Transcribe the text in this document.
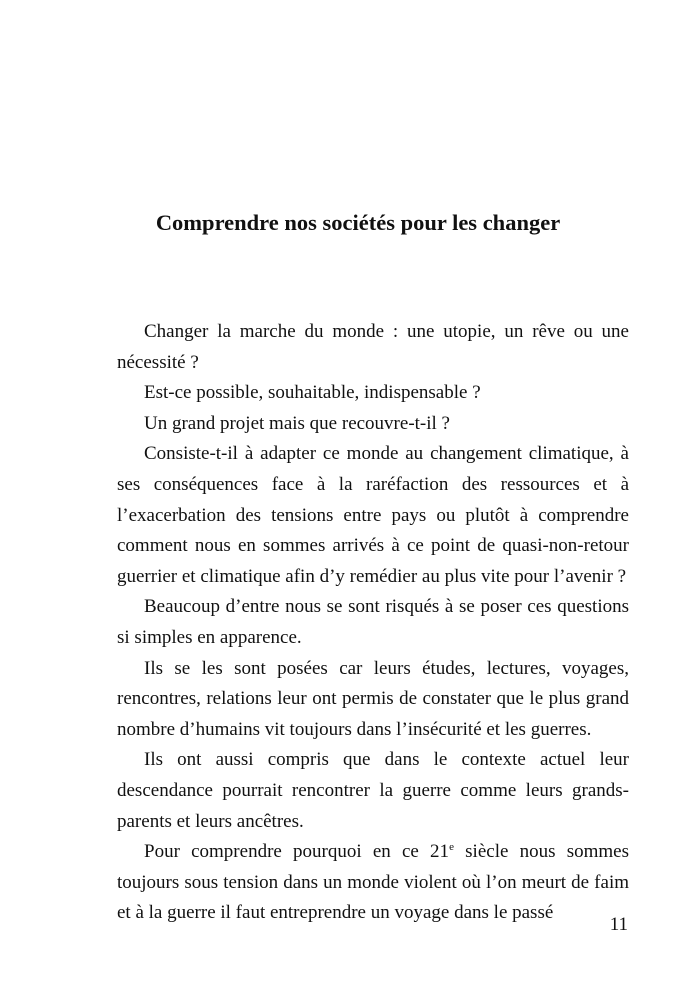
Comprendre nos sociétés pour les changer

Changer la marche du monde : une utopie, un rêve ou une nécessité ?

Est-ce possible, souhaitable, indispensable ?

Un grand projet mais que recouvre-t-il ?

Consiste-t-il à adapter ce monde au changement climatique, à ses conséquences face à la raréfaction des ressources et à l’exacerbation des tensions entre pays ou plutôt à comprendre comment nous en sommes arrivés à ce point de quasi-non-retour guerrier et climatique afin d’y remédier au plus vite pour l’avenir ?

Beaucoup d’entre nous se sont risqués à se poser ces questions si simples en apparence.

Ils se les sont posées car leurs études, lectures, voyages, rencontres, relations leur ont permis de constater que le plus grand nombre d’humains vit toujours dans l’insécurité et les guerres.

Ils ont aussi compris que dans le contexte actuel leur descendance pourrait rencontrer la guerre comme leurs grands-parents et leurs ancêtres.

Pour comprendre pourquoi en ce 21e siècle nous sommes toujours sous tension dans un monde violent où l’on meurt de faim et à la guerre il faut entreprendre un voyage dans le passé

11
